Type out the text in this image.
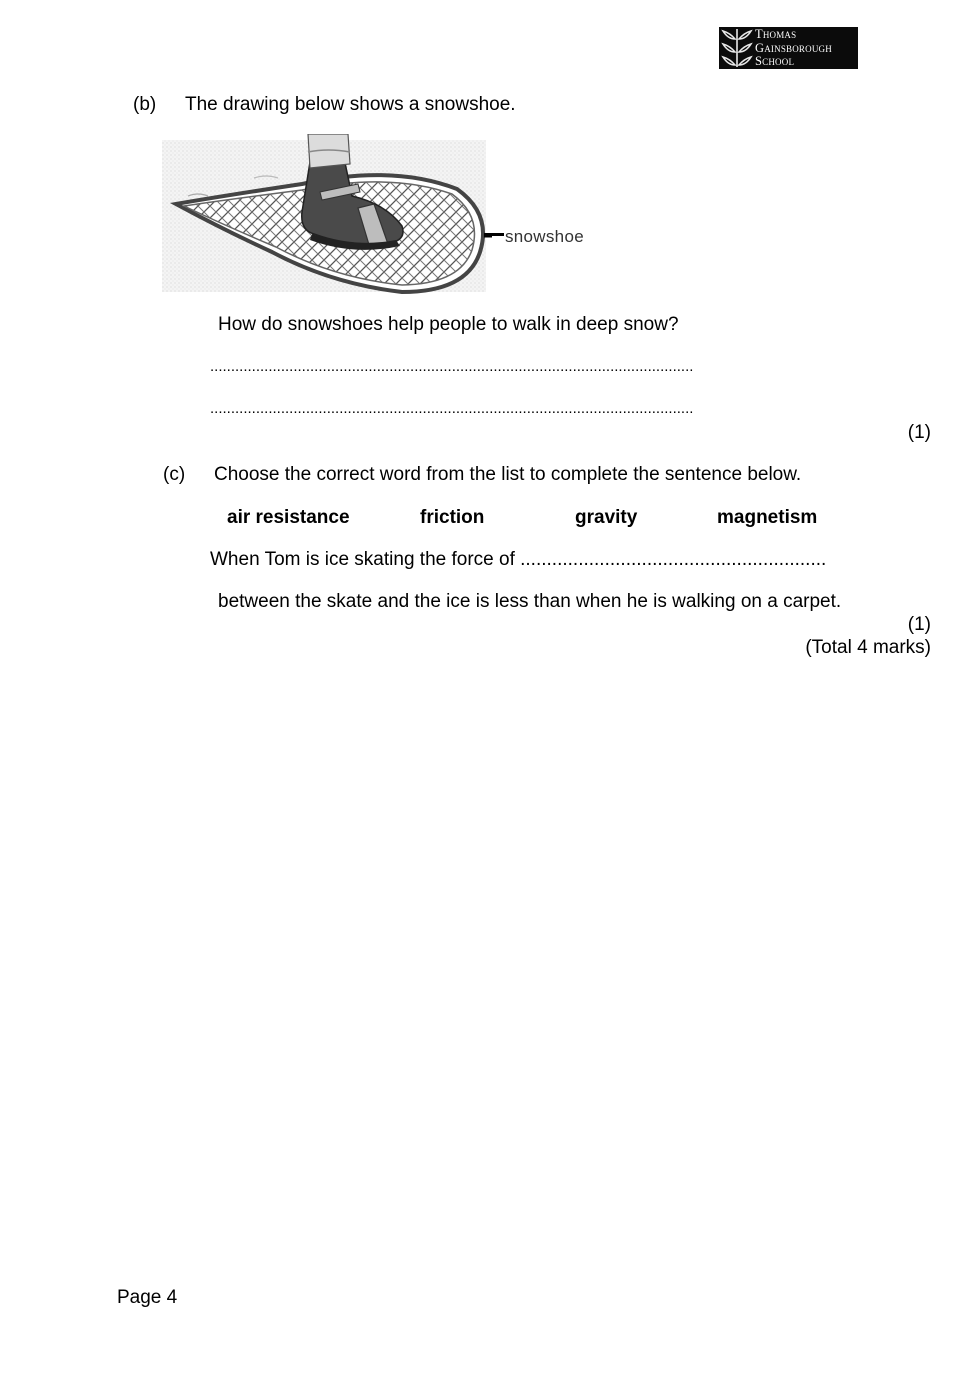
Thomas
Gainsborough
School
(b) The drawing below shows a snowshoe.
snowshoe
How do snowshoes help people to walk in deep snow?
....................................................................................................................
....................................................................................................................
(1)
(c) Choose the correct word from the list to complete the sentence below.
air resistance	friction	gravity	magnetism
When Tom is ice skating the force of ..........................................................
between the skate and the ice is less than when he is walking on a carpet.
(1)
(Total 4 marks)
Page 4
